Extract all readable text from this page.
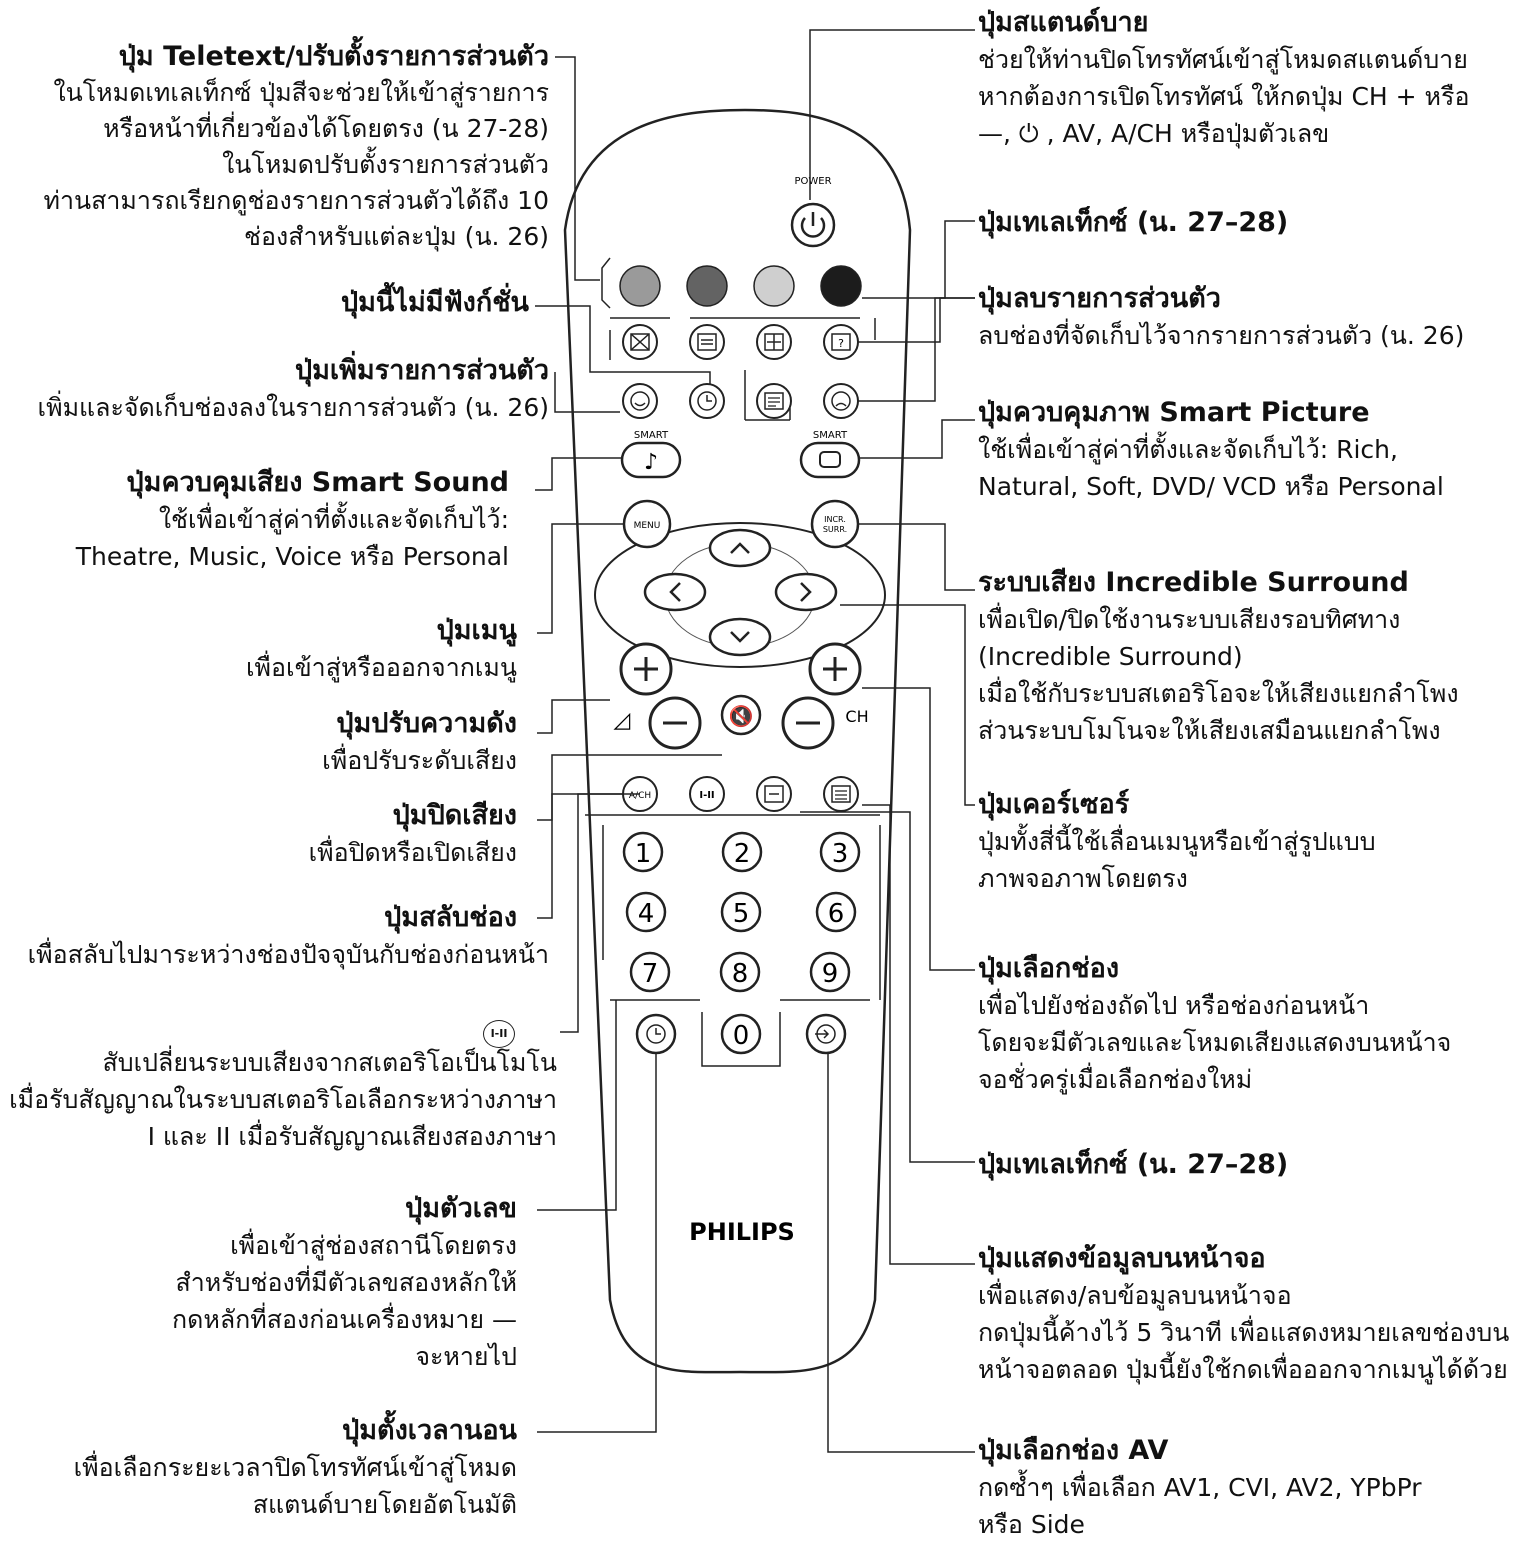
POWER
?
SMART	SMART
♪
MENU
INCR.
SURR.
◿	🔇	CH
A/CH	I-II
1	2	3
4	5	6
7	8	9
0
PHILIPS
ปุ่ม Teletext/ปรับตั้งรายการส่วนตัว
ในโหมดเทเลเท็กซ์ ปุ่มสีจะช่วยให้เข้าสู่รายการ
หรือหน้าที่เกี่ยวข้องได้โดยตรง (น 27-28)
ในโหมดปรับตั้งรายการส่วนตัว
ท่านสามารถเรียกดูช่องรายการส่วนตัวได้ถึง 10
ช่องสำหรับแต่ละปุ่ม (น. 26)
ปุ่มนี้ไม่มีฟังก์ชั่น
ปุ่มเพิ่มรายการส่วนตัว
เพิ่มและจัดเก็บช่องลงในรายการส่วนตัว (น. 26)
ปุ่มควบคุมเสียง Smart Sound
ใช้เพื่อเข้าสู่ค่าที่ตั้งและจัดเก็บไว้:
Theatre, Music, Voice หรือ Personal
ปุ่มเมนู
เพื่อเข้าสู่หรือออกจากเมนู
ปุ่มปรับความดัง
เพื่อปรับระดับเสียง
ปุ่มปิดเสียง
เพื่อปิดหรือเปิดเสียง
ปุ่มสลับช่อง
เพื่อสลับไปมาระหว่างช่องปัจจุบันกับช่องก่อนหน้า
I-II
สับเปลี่ยนระบบเสียงจากสเตอริโอเป็นโมโน
เมื่อรับสัญญาณในระบบสเตอริโอเลือกระหว่างภาษา
I และ II เมื่อรับสัญญาณเสียงสองภาษา
ปุ่มตัวเลข
เพื่อเข้าสู่ช่องสถานีโดยตรง
สำหรับช่องที่มีตัวเลขสองหลักให้
กดหลักที่สองก่อนเครื่องหมาย —
จะหายไป
ปุ่มตั้งเวลานอน
เพื่อเลือกระยะเวลาปิดโทรทัศน์เข้าสู่โหมด
สแตนด์บายโดยอัตโนมัติ
ปุ่มสแตนด์บาย
ช่วยให้ท่านปิดโทรทัศน์เข้าสู่โหมดสแตนด์บาย
หากต้องการเปิดโทรทัศน์ ให้กดปุ่ม CH + หรือ
—, ⏻ , AV, A/CH หรือปุ่มตัวเลข
ปุ่มเทเลเท็กซ์ (น. 27–28)
ปุ่มลบรายการส่วนตัว
ลบช่องที่จัดเก็บไว้จากรายการส่วนตัว (น. 26)
ปุ่มควบคุมภาพ Smart Picture
ใช้เพื่อเข้าสู่ค่าที่ตั้งและจัดเก็บไว้: Rich,
Natural, Soft, DVD/ VCD หรือ Personal
ระบบเสียง Incredible Surround
เพื่อเปิด/ปิดใช้งานระบบเสียงรอบทิศทาง
(Incredible Surround)
เมื่อใช้กับระบบสเตอริโอจะให้เสียงแยกลำโพง
ส่วนระบบโมโนจะให้เสียงเสมือนแยกลำโพง
ปุ่มเคอร์เซอร์
ปุ่มทั้งสี่นี้ใช้เลื่อนเมนูหรือเข้าสู่รูปแบบ
ภาพจอภาพโดยตรง
ปุ่มเลือกช่อง
เพื่อไปยังช่องถัดไป หรือช่องก่อนหน้า
โดยจะมีตัวเลขและโหมดเสียงแสดงบนหน้าจ
จอชั่วครู่เมื่อเลือกช่องใหม่
ปุ่มเทเลเท็กซ์ (น. 27–28)
ปุ่มแสดงข้อมูลบนหน้าจอ
เพื่อแสดง/ลบข้อมูลบนหน้าจอ
กดปุ่มนี้ค้างไว้ 5 วินาที เพื่อแสดงหมายเลขช่องบน
หน้าจอตลอด ปุ่มนี้ยังใช้กดเพื่อออกจากเมนูได้ด้วย
ปุ่มเลือกช่อง AV
กดซ้ำๆ เพื่อเลือก AV1, CVI, AV2, YPbPr
หรือ Side
